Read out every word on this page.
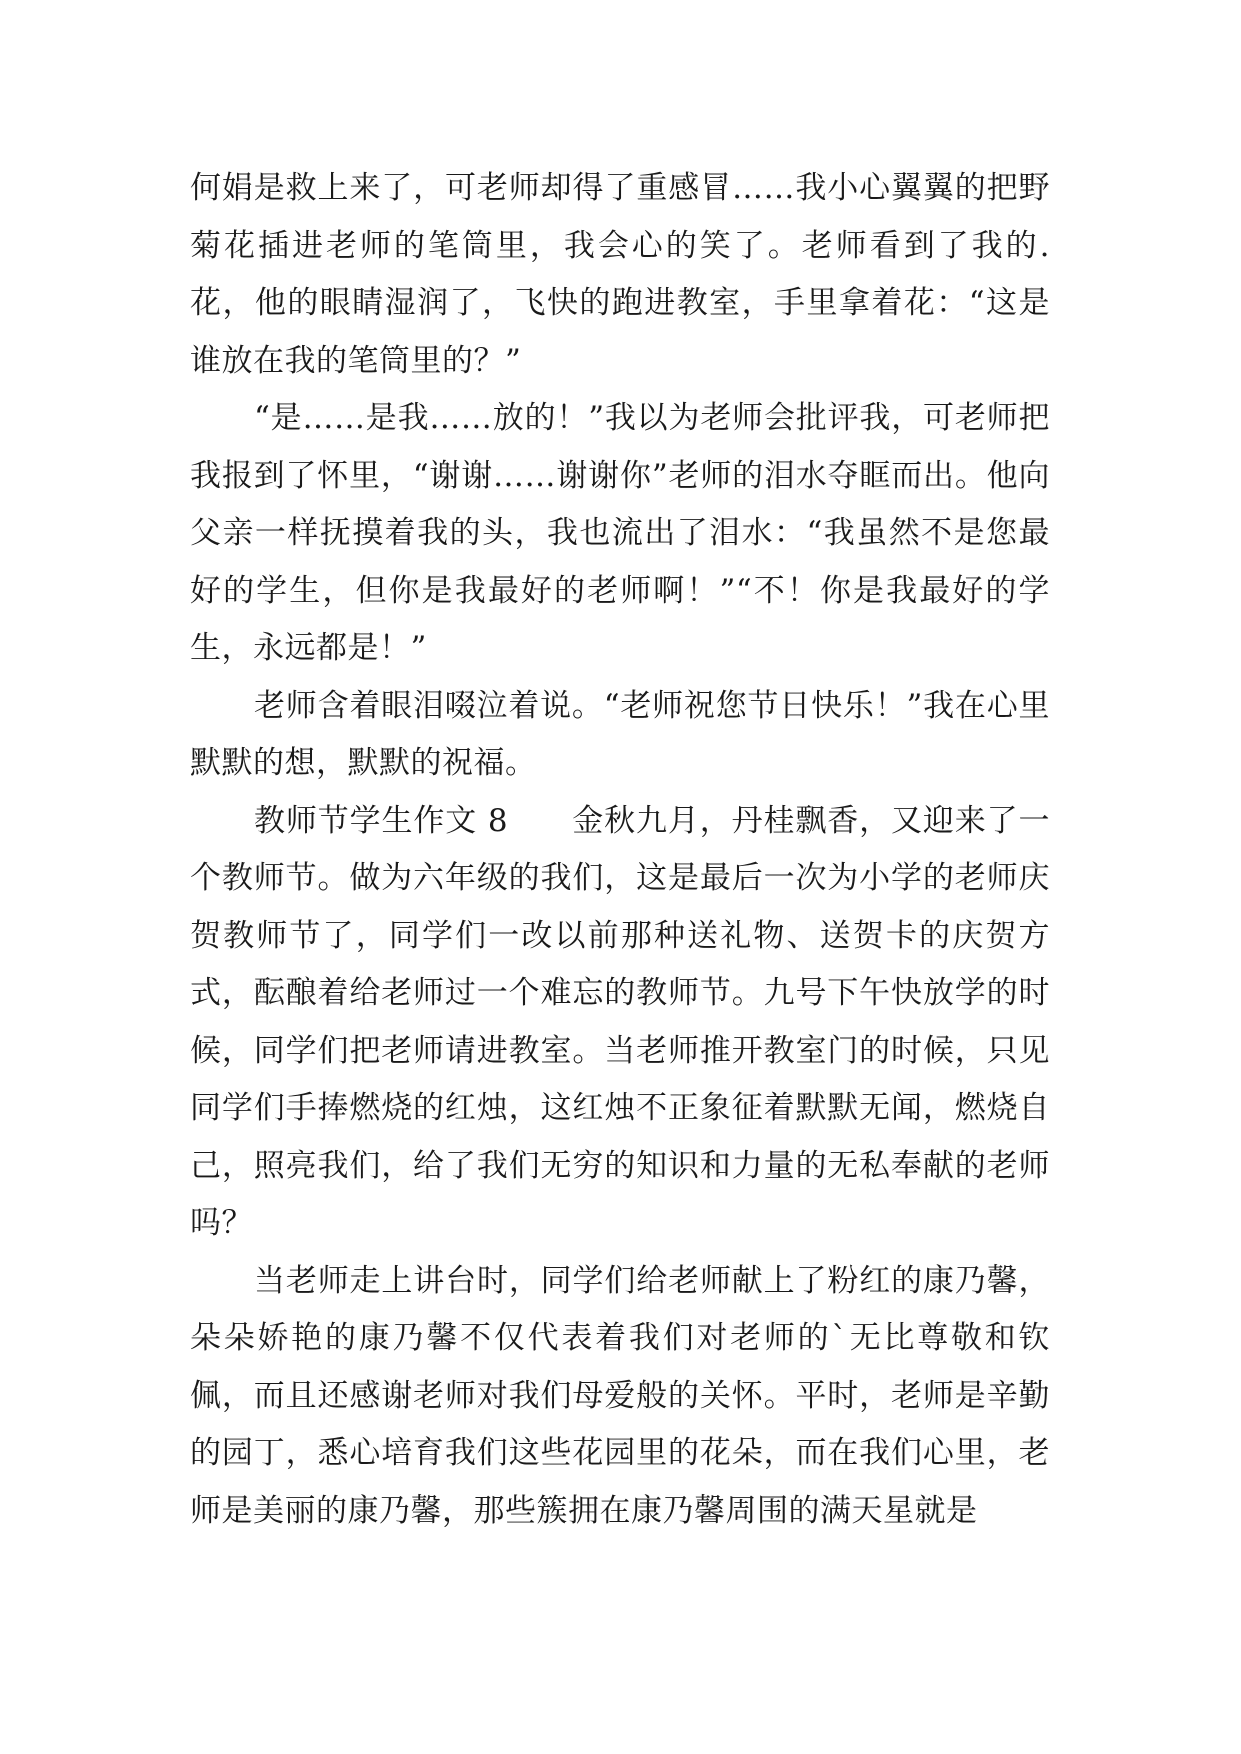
何娟是救上来了，可老师却得了重感冒……我小心翼翼的把野菊花插进老师的笔筒里，我会心的笑了。老师看到了我的.花，他的眼睛湿润了，飞快的跑进教室，手里拿着花：“这是谁放在我的笔筒里的？”

“是……是我……放的！”我以为老师会批评我，可老师把我报到了怀里，“谢谢……谢谢你”老师的泪水夺眶而出。他向父亲一样抚摸着我的头，我也流出了泪水：“我虽然不是您最好的学生，但你是我最好的老师啊！”“不！你是我最好的学生，永远都是！”

老师含着眼泪啜泣着说。“老师祝您节日快乐！”我在心里默默的想，默默的祝福。

教师节学生作文 8　　金秋九月，丹桂飘香，又迎来了一个教师节。做为六年级的我们，这是最后一次为小学的老师庆贺教师节了，同学们一改以前那种送礼物、送贺卡的庆贺方式，酝酿着给老师过一个难忘的教师节。九号下午快放学的时候，同学们把老师请进教室。当老师推开教室门的时候，只见同学们手捧燃烧的红烛，这红烛不正象征着默默无闻，燃烧自己，照亮我们，给了我们无穷的知识和力量的无私奉献的老师吗？

当老师走上讲台时，同学们给老师献上了粉红的康乃馨，朵朵娇艳的康乃馨不仅代表着我们对老师的`无比尊敬和钦佩，而且还感谢老师对我们母爱般的关怀。平时，老师是辛勤的园丁，悉心培育我们这些花园里的花朵，而在我们心里，老师是美丽的康乃馨，那些簇拥在康乃馨周围的满天星就是
